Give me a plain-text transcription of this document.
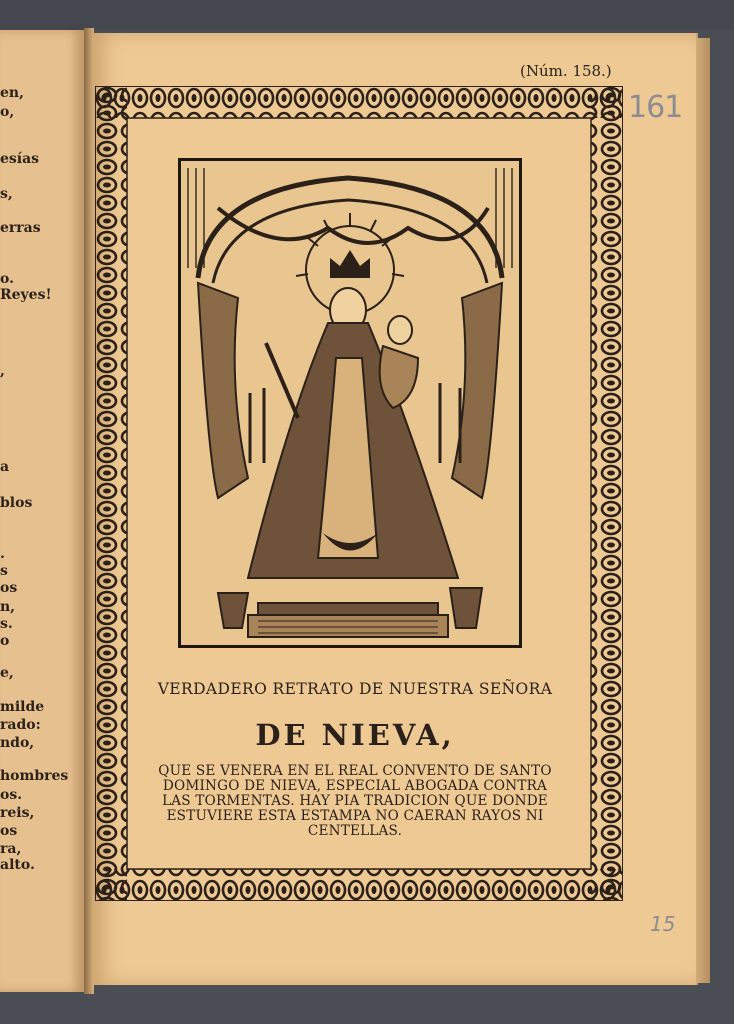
en,
o,
esías
s,
erras
o.
Reyes!
,
a
blos
.
s
os
n,
s.
o
e,
milde
rado:
ndo,
hombres
os.
reis,
os
ra,
alto.
(Núm. 158.)
161
15
VERDADERO RETRATO DE NUESTRA SEÑORA
DE NIEVA,
QUE SE VENERA EN EL REAL CONVENTO DE SANTO
DOMINGO DE NIEVA, ESPECIAL ABOGADA CONTRA
LAS TORMENTAS. HAY PIA TRADICION QUE DONDE
ESTUVIERE ESTA ESTAMPA NO CAERAN RAYOS NI
CENTELLAS.
